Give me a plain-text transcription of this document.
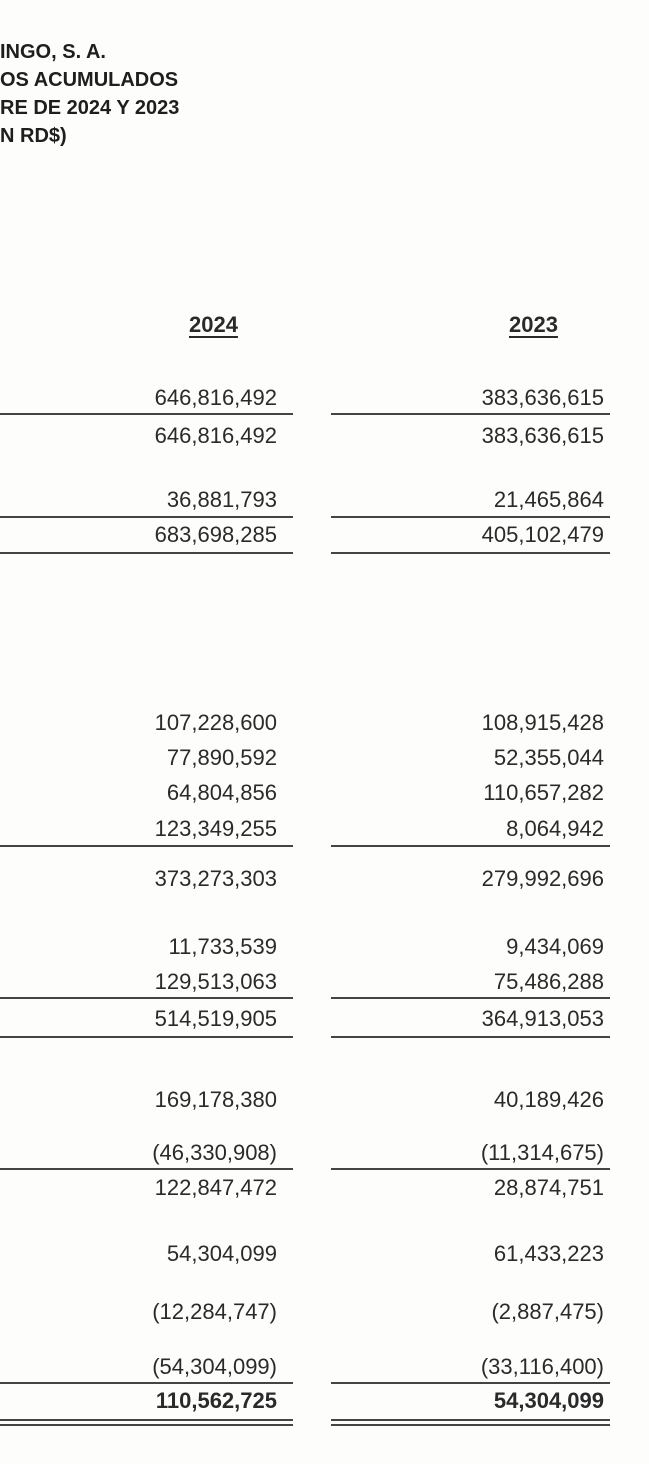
INGO, S. A.
OS ACUMULADOS
RE DE 2024 Y 2023
N RD$)
2024	2023
646,816,492	383,636,615
646,816,492	383,636,615
36,881,793	21,465,864
683,698,285	405,102,479
107,228,600	108,915,428
77,890,592	52,355,044
64,804,856	110,657,282
123,349,255	8,064,942
373,273,303	279,992,696
11,733,539	9,434,069
129,513,063	75,486,288
514,519,905	364,913,053
169,178,380	40,189,426
(46,330,908)	(11,314,675)
122,847,472	28,874,751
54,304,099	61,433,223
(12,284,747)	(2,887,475)
(54,304,099)	(33,116,400)
110,562,725	54,304,099
